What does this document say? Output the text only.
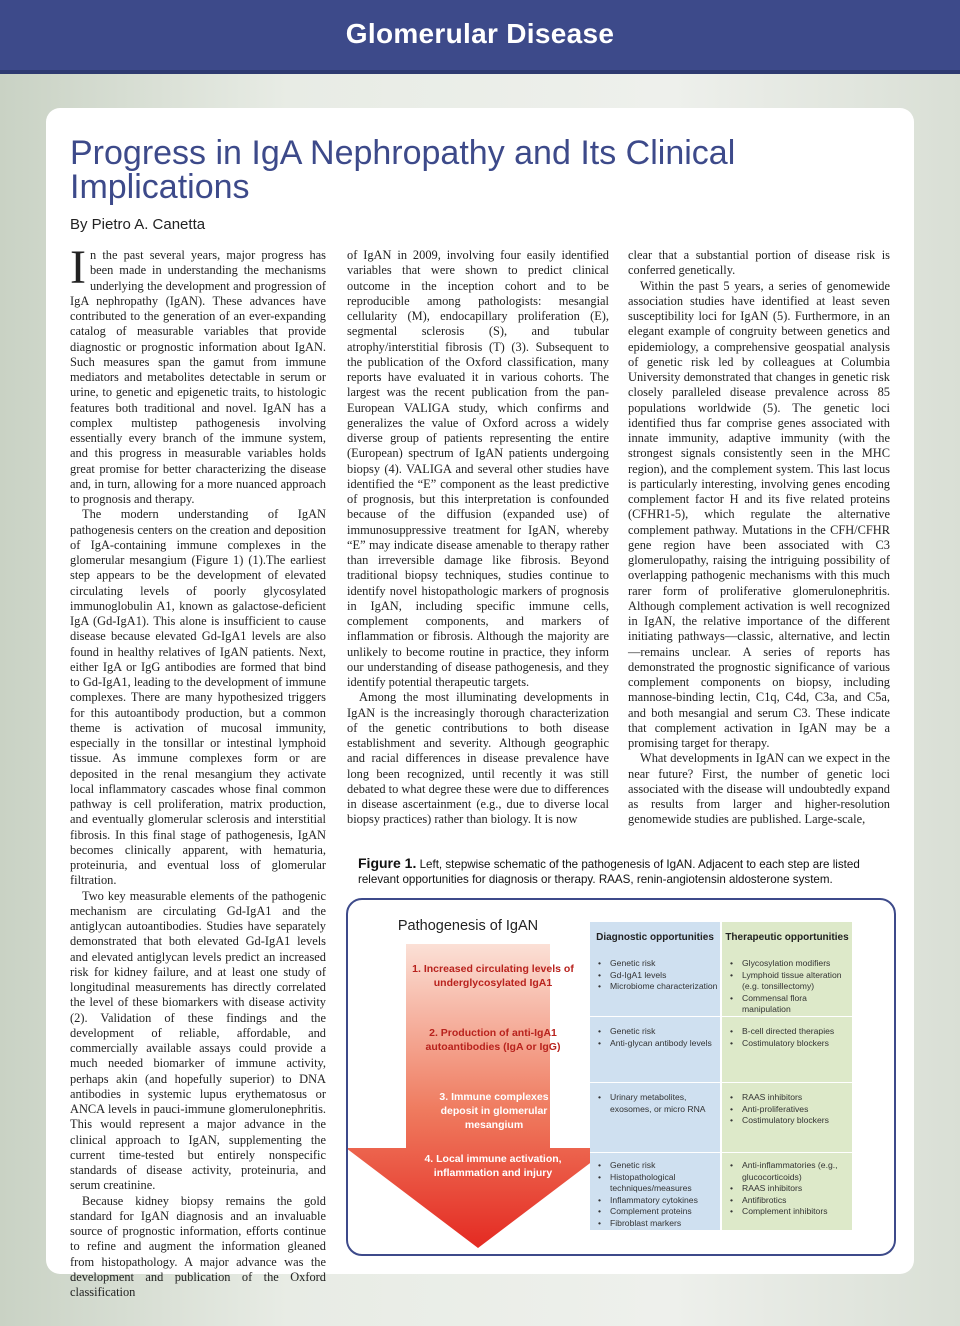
Glomerular Disease
Progress in IgA Nephropathy and Its Clinical Implications
By Pietro A. Canetta

In the past several years, major progress has been made in understanding the mechanisms underlying the development and progression of IgA nephropathy (IgAN). These advances have contributed to the generation of an ever-expanding catalog of measurable variables that provide diagnostic or prognostic information about IgAN. Such measures span the gamut from immune mediators and metabolites detectable in serum or urine, to genetic and epigenetic traits, to histologic features both traditional and novel. IgAN has a complex multistep pathogenesis involving essentially every branch of the immune system, and this progress in measurable variables holds great promise for better characterizing the disease and, in turn, allowing for a more nuanced approach to prognosis and therapy.

The modern understanding of IgAN pathogenesis centers on the creation and deposition of IgA-containing immune complexes in the glomerular mesangium (Figure 1) (1).The earliest step appears to be the development of elevated circulating levels of poorly glycosylated immunoglobulin A1, known as galactose-deficient IgA (Gd-IgA1). This alone is insufficient to cause disease because elevated Gd-IgA1 levels are also found in healthy relatives of IgAN patients. Next, either IgA or IgG antibodies are formed that bind to Gd-IgA1, leading to the development of immune complexes. There are many hypothesized triggers for this autoantibody production, but a common theme is activation of mucosal immunity, especially in the tonsillar or intestinal lymphoid tissue. As immune complexes form or are deposited in the renal mesangium they activate local inflammatory cascades whose final common pathway is cell proliferation, matrix production, and eventually glomerular sclerosis and interstitial fibrosis. In this final stage of pathogenesis, IgAN becomes clinically apparent, with hematuria, proteinuria, and eventual loss of glomerular filtration.

Two key measurable elements of the pathogenic mechanism are circulating Gd-IgA1 and the antiglycan autoantibodies. Studies have separately demonstrated that both elevated Gd-IgA1 levels and elevated antiglycan levels predict an increased risk for kidney failure, and at least one study of longitudinal measurements has directly correlated the level of these biomarkers with disease activity (2). Validation of these findings and the development of reliable, affordable, and commercially available assays could provide a much needed biomarker of immune activity, perhaps akin (and hopefully superior) to DNA antibodies in systemic lupus erythematosus or ANCA levels in pauci-immune glomerulonephritis. This would represent a major advance in the clinical approach to IgAN, supplementing the current time-tested but entirely nonspecific standards of disease activity, proteinuria, and serum creatinine.

Because kidney biopsy remains the gold standard for IgAN diagnosis and an invaluable source of prognostic information, efforts continue to refine and augment the information gleaned from histopathology. A major advance was the development and publication of the Oxford classification

of IgAN in 2009, involving four easily identified variables that were shown to predict clinical outcome in the inception cohort and to be reproducible among pathologists: mesangial cellularity (M), endocapillary proliferation (E), segmental sclerosis (S), and tubular atrophy/interstitial fibrosis (T) (3). Subsequent to the publication of the Oxford classification, many reports have evaluated it in various cohorts. The largest was the recent publication from the pan-European VALIGA study, which confirms and generalizes the value of Oxford across a widely diverse group of patients representing the entire (European) spectrum of IgAN patients undergoing biopsy (4). VALIGA and several other studies have identified the “E” component as the least predictive of prognosis, but this interpretation is confounded because of the diffusion (expanded use) of immunosuppressive treatment for IgAN, whereby “E” may indicate disease amenable to therapy rather than irreversible damage like fibrosis. Beyond traditional biopsy techniques, studies continue to identify novel histopathologic markers of prognosis in IgAN, including specific immune cells, complement components, and markers of inflammation or fibrosis. Although the majority are unlikely to become routine in practice, they inform our understanding of disease pathogenesis, and they identify potential therapeutic targets.

Among the most illuminating developments in IgAN is the increasingly thorough characterization of the genetic contributions to both disease establishment and severity. Although geographic and racial differences in disease prevalence have long been recognized, until recently it was still debated to what degree these were due to differences in disease ascertainment (e.g., due to diverse local biopsy practices) rather than biology. It is now

clear that a substantial portion of disease risk is conferred genetically.

Within the past 5 years, a series of genomewide association studies have identified at least seven susceptibility loci for IgAN (5). Furthermore, in an elegant example of congruity between genetics and epidemiology, a comprehensive geospatial analysis of genetic risk led by colleagues at Columbia University demonstrated that changes in genetic risk closely paralleled disease prevalence across 85 populations worldwide (5). The genetic loci identified thus far comprise genes associated with innate immunity, adaptive immunity (with the strongest signals consistently seen in the MHC region), and the complement system. This last locus is particularly interesting, involving genes encoding complement factor H and its five related proteins (CFHR1-5), which regulate the alternative complement pathway. Mutations in the CFH/CFHR gene region have been associated with C3 glomerulopathy, raising the intriguing possibility of overlapping pathogenic mechanisms with this much rarer form of proliferative glomerulonephritis. Although complement activation is well recognized in IgAN, the relative importance of the different initiating pathways—classic, alternative, and lectin—remains unclear. A series of reports has demonstrated the prognostic significance of various complement components on biopsy, including mannose-binding lectin, C1q, C4d, C3a, and C5a, and both mesangial and serum C3. These indicate that complement activation in IgAN may be a promising target for therapy.

What developments in IgAN can we expect in the near future? First, the number of genetic loci associated with the disease will undoubtedly expand as results from larger and higher-resolution genomewide studies are published. Large-scale,

Figure 1. Left, stepwise schematic of the pathogenesis of IgAN. Adjacent to each step are listed relevant opportunities for diagnosis or therapy. RAAS, renin-angiotensin aldosterone system.
Pathogenesis of IgAN
1. Increased circulating levels of underglycosylated IgA1
2. Production of anti-IgA1 autoantibodies (IgA or IgG)
3. Immune complexes deposit in glomerular mesangium
4. Local immune activation, inflammation and injury
Diagnostic opportunities	Therapeutic opportunities
• Genetic risk
• Gd-IgA1 levels
• Microbiome characterization
• Genetic risk
• Anti-glycan antibody levels
• Urinary metabolites, exosomes, or micro RNA
• Genetic risk
• Histopathological techniques/measures
• Inflammatory cytokines
• Complement proteins
• Fibroblast markers
• Glycosylation modifiers
• Lymphoid tissue alteration (e.g. tonsillectomy)
• Commensal flora manipulation
• B-cell directed therapies
• Costimulatory blockers
• RAAS inhibitors
• Anti-proliferatives
• Costimulatory blockers
• Anti-inflammatories (e.g., glucocorticoids)
• RAAS inhibitors
• Antifibrotics
• Complement inhibitors
